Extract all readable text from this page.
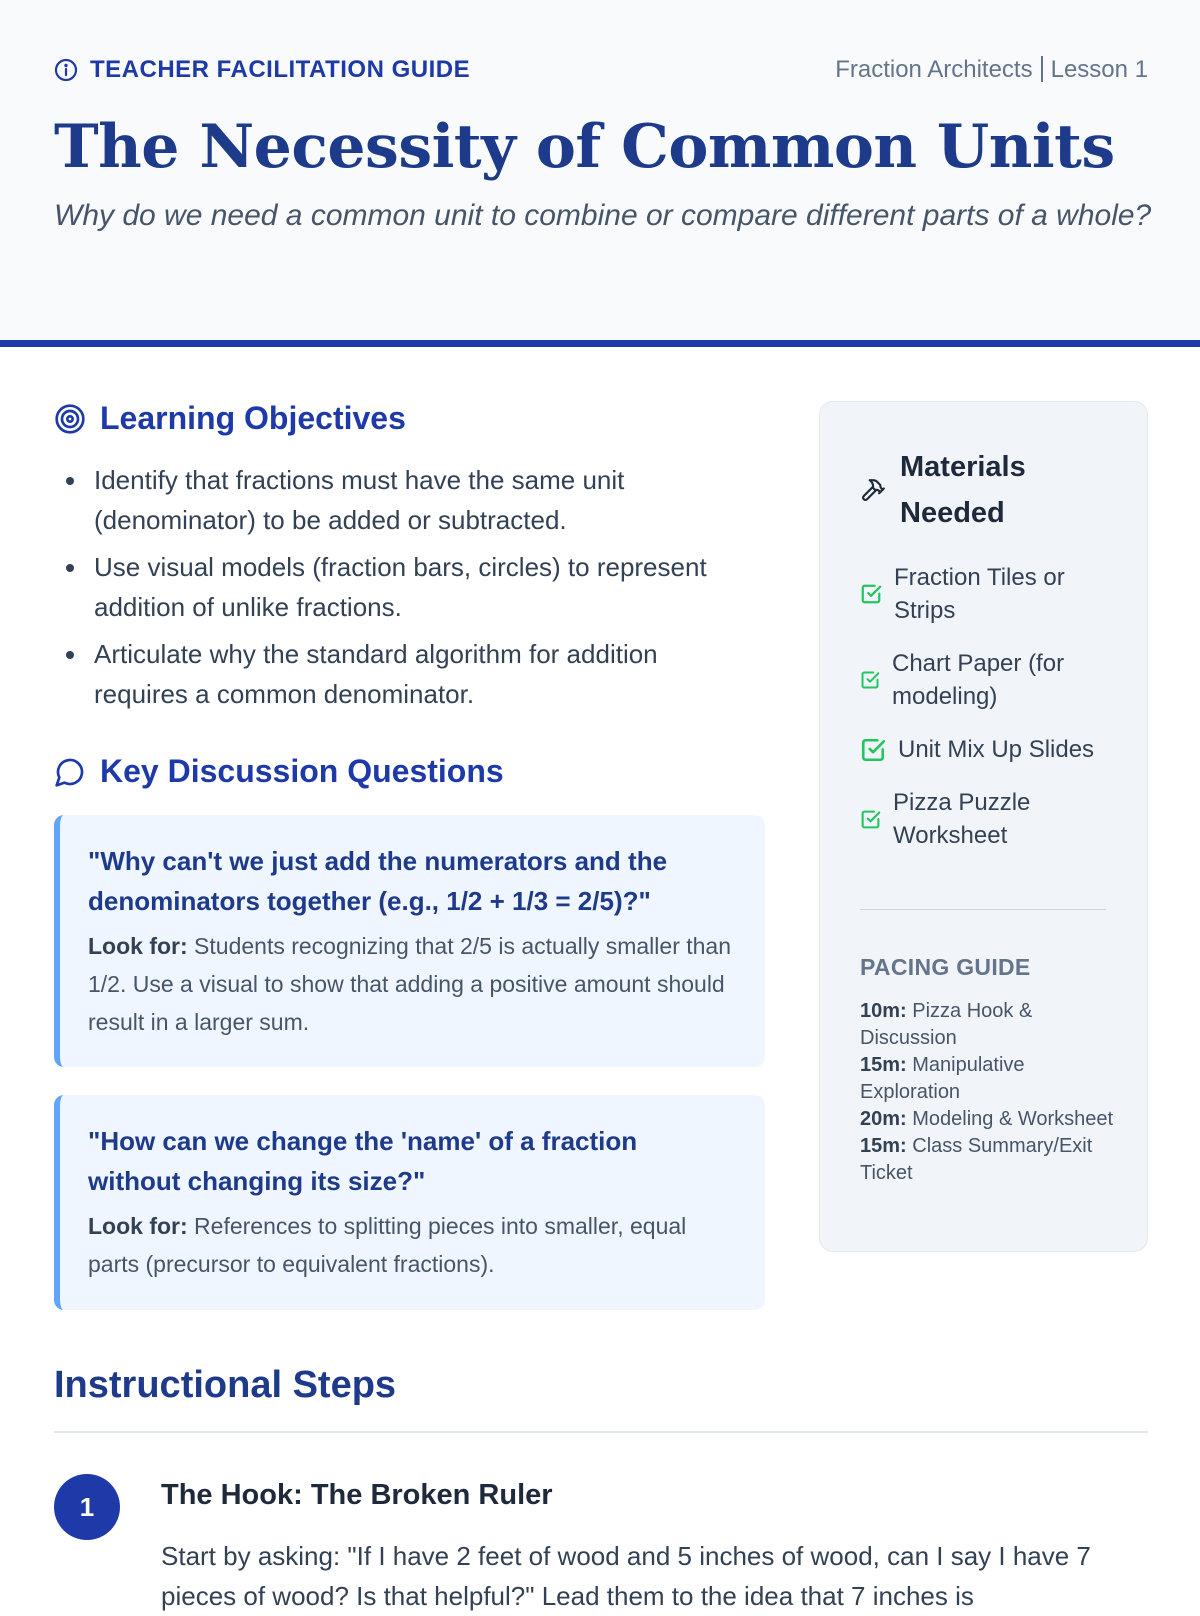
TEACHER FACILITATION GUIDE	Fraction Architects Lesson 1
The Necessity of Common Units

Why do we need a common unit to combine or compare different parts of a whole?

Learning Objectives
Identify that fractions must have the same unit (denominator) to be added or subtracted.
Use visual models (fraction bars, circles) to represent addition of unlike fractions.
Articulate why the standard algorithm for addition requires a common denominator.
Key Discussion Questions
"Why can't we just add the numerators and the denominators together (e.g., 1/2 + 1/3 = 2/5)?"
Look for: Students recognizing that 2/5 is actually smaller than 1/2. Use a visual to show that adding a positive amount should result in a larger sum.
"How can we change the 'name' of a fraction without changing its size?"
Look for: References to splitting pieces into smaller, equal parts (precursor to equivalent fractions).
Materials Needed
Fraction Tiles or Strips
Chart Paper (for modeling)
Unit Mix Up Slides
Pizza Puzzle Worksheet
PACING GUIDE
10m: Pizza Hook & Discussion
15m: Manipulative Exploration
20m: Modeling & Worksheet
15m: Class Summary/Exit Ticket
Instructional Steps
1	The Hook: The Broken Ruler

Start by asking: "If I have 2 feet of wood and 5 inches of wood, can I say I have 7 pieces of wood? Is that helpful?" Lead them to the idea that 7 inches is
